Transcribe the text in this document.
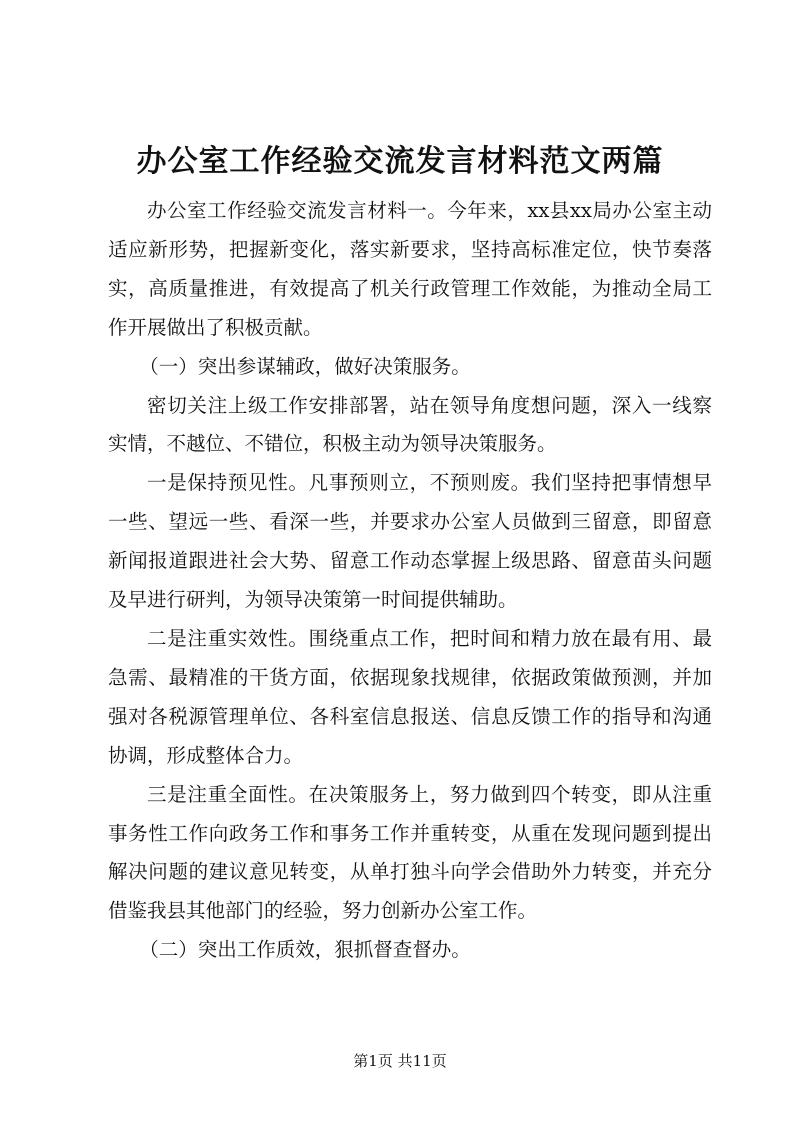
办公室工作经验交流发言材料范文两篇

办公室工作经验交流发言材料一。今年来，xx县xx局办公室主动适应新形势，把握新变化，落实新要求，坚持高标准定位，快节奏落实，高质量推进，有效提高了机关行政管理工作效能，为推动全局工作开展做出了积极贡献。

（一）突出参谋辅政，做好决策服务。

密切关注上级工作安排部署，站在领导角度想问题，深入一线察实情，不越位、不错位，积极主动为领导决策服务。

一是保持预见性。凡事预则立，不预则废。我们坚持把事情想早一些、望远一些、看深一些，并要求办公室人员做到三留意，即留意新闻报道跟进社会大势、留意工作动态掌握上级思路、留意苗头问题及早进行研判，为领导决策第一时间提供辅助。

二是注重实效性。围绕重点工作，把时间和精力放在最有用、最急需、最精准的干货方面，依据现象找规律，依据政策做预测，并加强对各税源管理单位、各科室信息报送、信息反馈工作的指导和沟通协调，形成整体合力。

三是注重全面性。在决策服务上，努力做到四个转变，即从注重事务性工作向政务工作和事务工作并重转变，从重在发现问题到提出解决问题的建议意见转变，从单打独斗向学会借助外力转变，并充分借鉴我县其他部门的经验，努力创新办公室工作。

（二）突出工作质效，狠抓督查督办。

第1页 共11页
